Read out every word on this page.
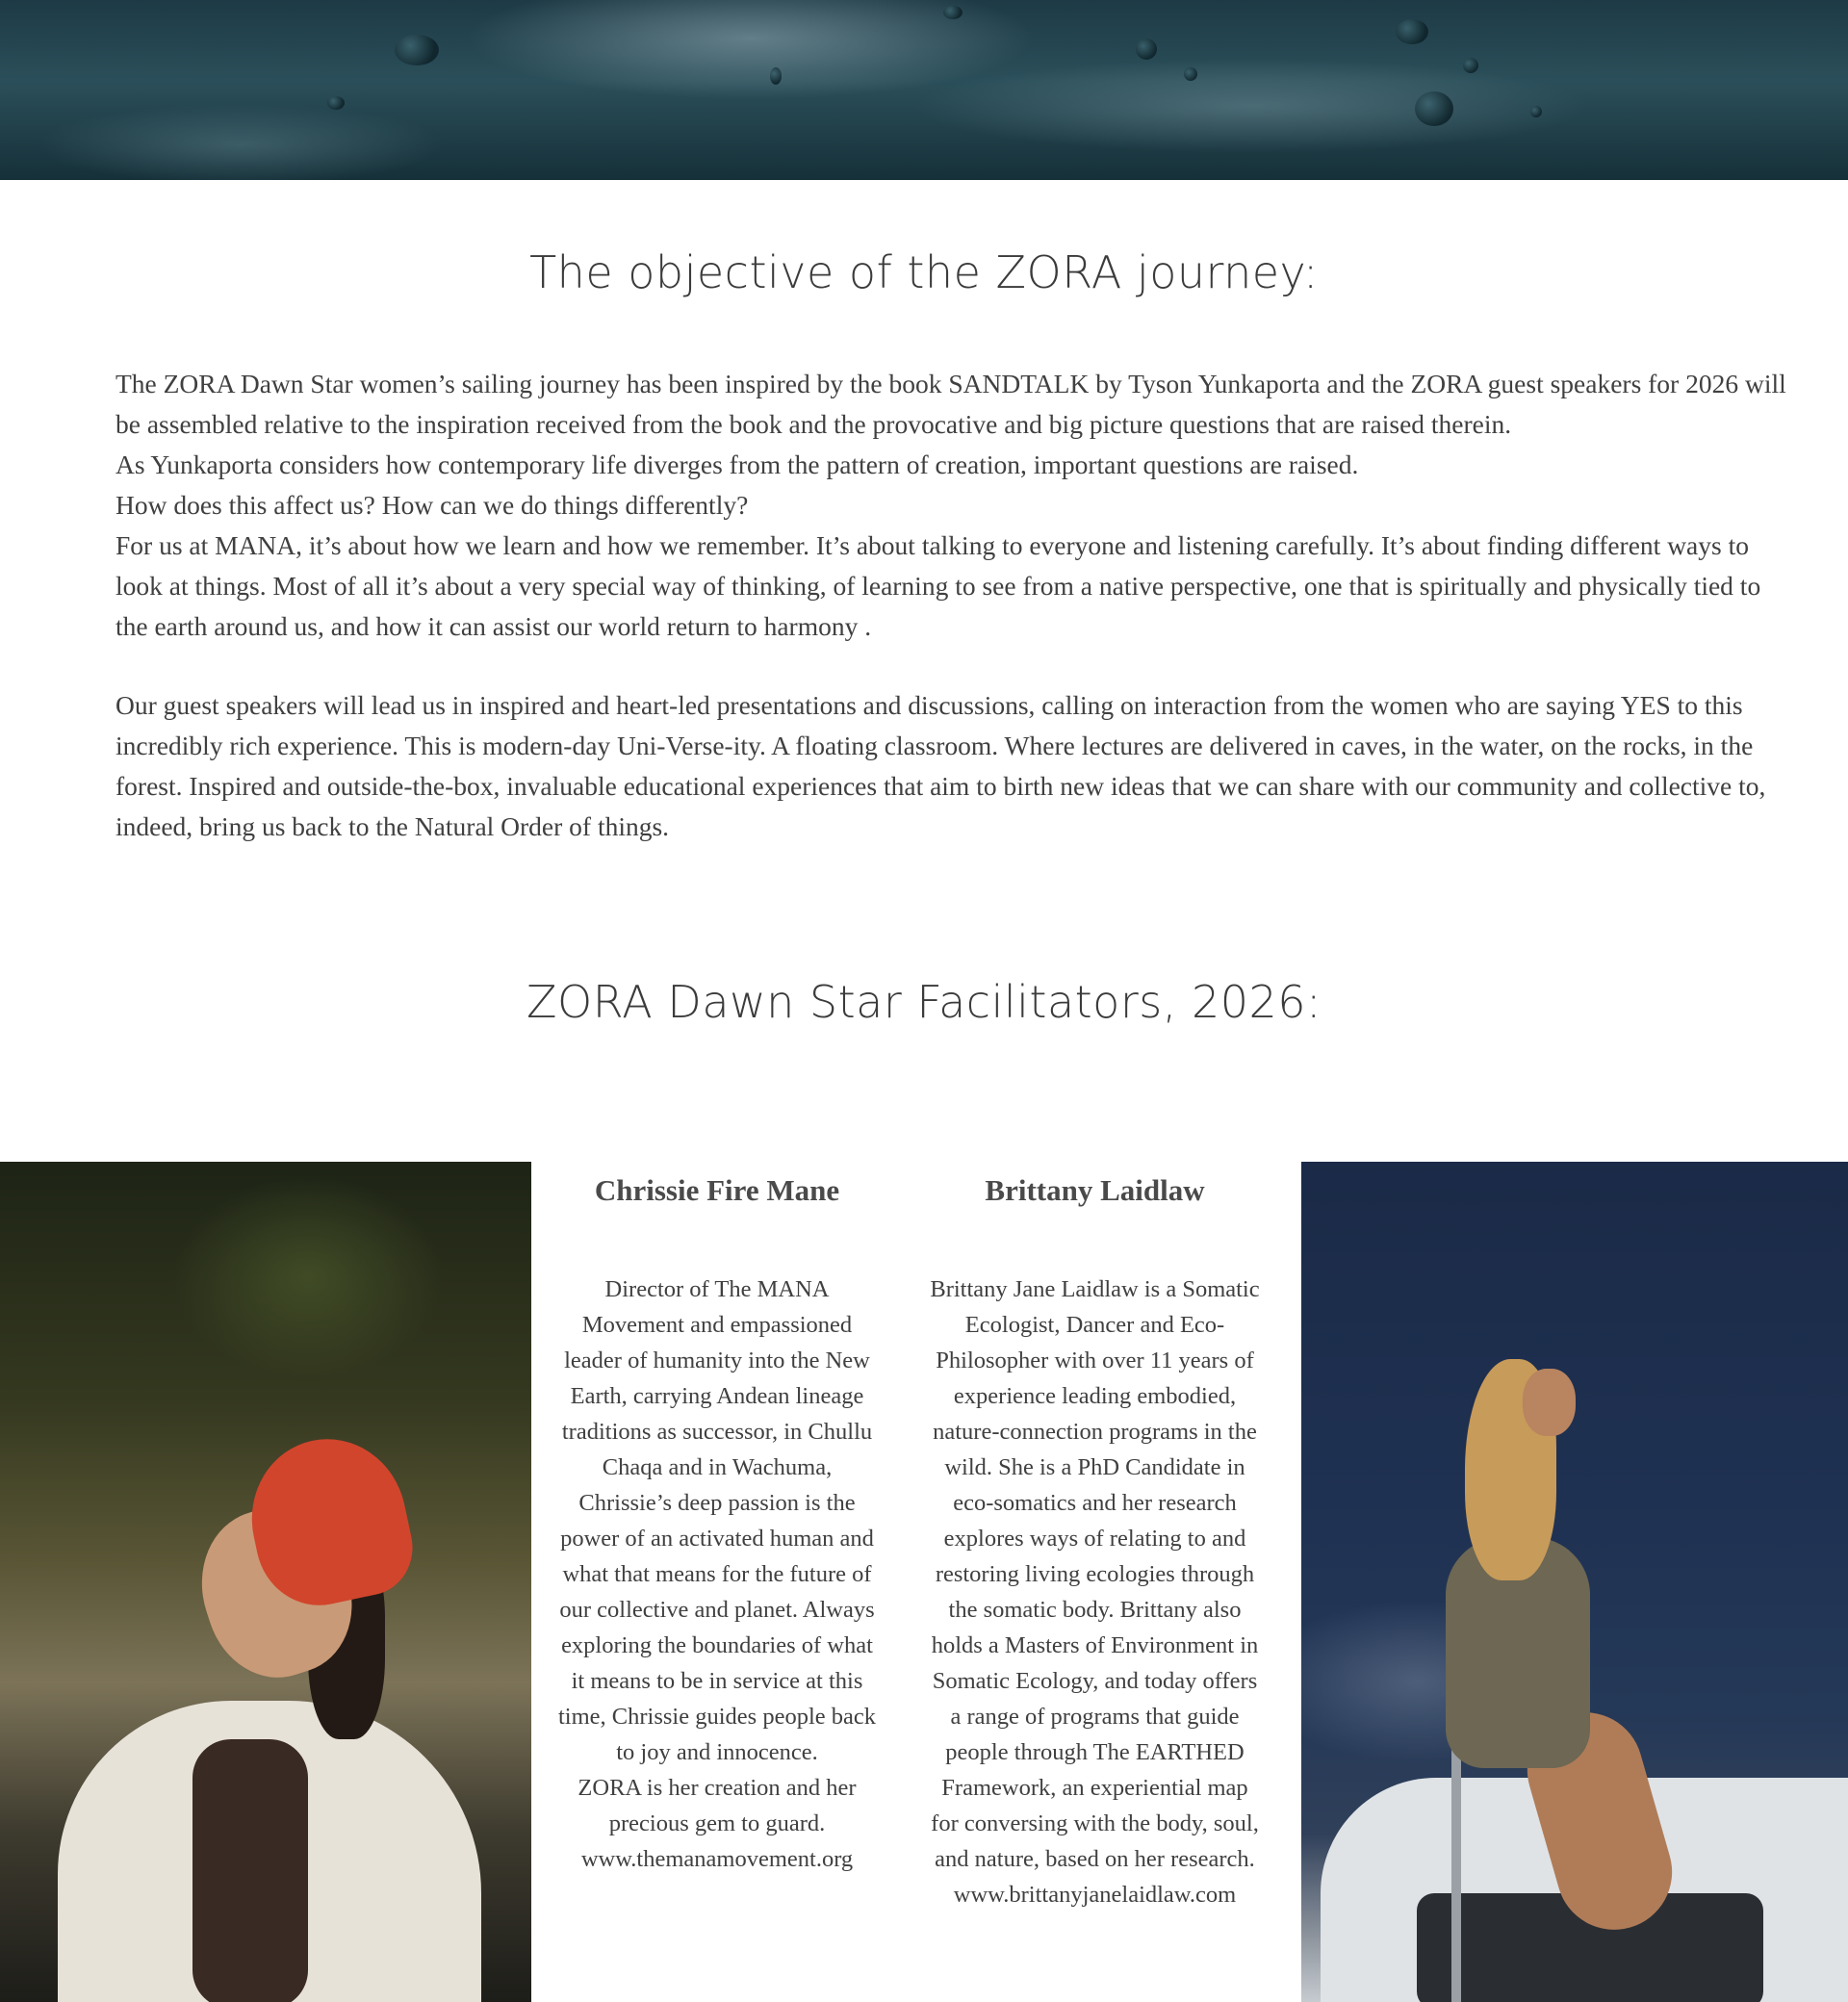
The objective of the ZORA journey:

The ZORA Dawn Star women’s sailing journey has been inspired by the book SANDTALK by Tyson Yunkaporta and the ZORA guest speakers for 2026 will be assembled relative to the inspiration received from the book and the provocative and big picture questions that are raised therein.

As Yunkaporta considers how contemporary life diverges from the pattern of creation, important questions are raised.

How does this affect us? How can we do things differently?

For us at MANA, it’s about how we learn and how we remember. It’s about talking to everyone and listening carefully. It’s about finding different ways to look at things. Most of all it’s about a very special way of thinking, of learning to see from a native perspective, one that is spiritually and physically tied to the earth around us, and how it can assist our world return to harmony .

Our guest speakers will lead us in inspired and heart-led presentations and discussions, calling on interaction from the women who are saying YES to this incredibly rich experience. This is modern-day Uni-Verse-ity. A floating classroom. Where lectures are delivered in caves, in the water, on the rocks, in the forest. Inspired and outside-the-box, invaluable educational experiences that aim to birth new ideas that we can share with our community and collective to, indeed, bring us back to the Natural Order of things.

ZORA Dawn Star Facilitators, 2026:
Chrissie Fire Mane
Director of The MANA
Movement and empassioned
leader of humanity into the New
Earth, carrying Andean lineage
traditions as successor, in Chullu
Chaqa and in Wachuma,
Chrissie’s deep passion is the
power of an activated human and
what that means for the future of
our collective and planet. Always
exploring the boundaries of what
it means to be in service at this
time, Chrissie guides people back
to joy and innocence.
ZORA is her creation and her
precious gem to guard.
www.themanamovement.org
Brittany Laidlaw
Brittany Jane Laidlaw is a Somatic
Ecologist, Dancer and Eco-
Philosopher with over 11 years of
experience leading embodied,
nature-connection programs in the
wild. She is a PhD Candidate in
eco-somatics and her research
explores ways of relating to and
restoring living ecologies through
the somatic body. Brittany also
holds a Masters of Environment in
Somatic Ecology, and today offers
a range of programs that guide
people through The EARTHED
Framework, an experiential map
for conversing with the body, soul,
and nature, based on her research.
www.brittanyjanelaidlaw.com
